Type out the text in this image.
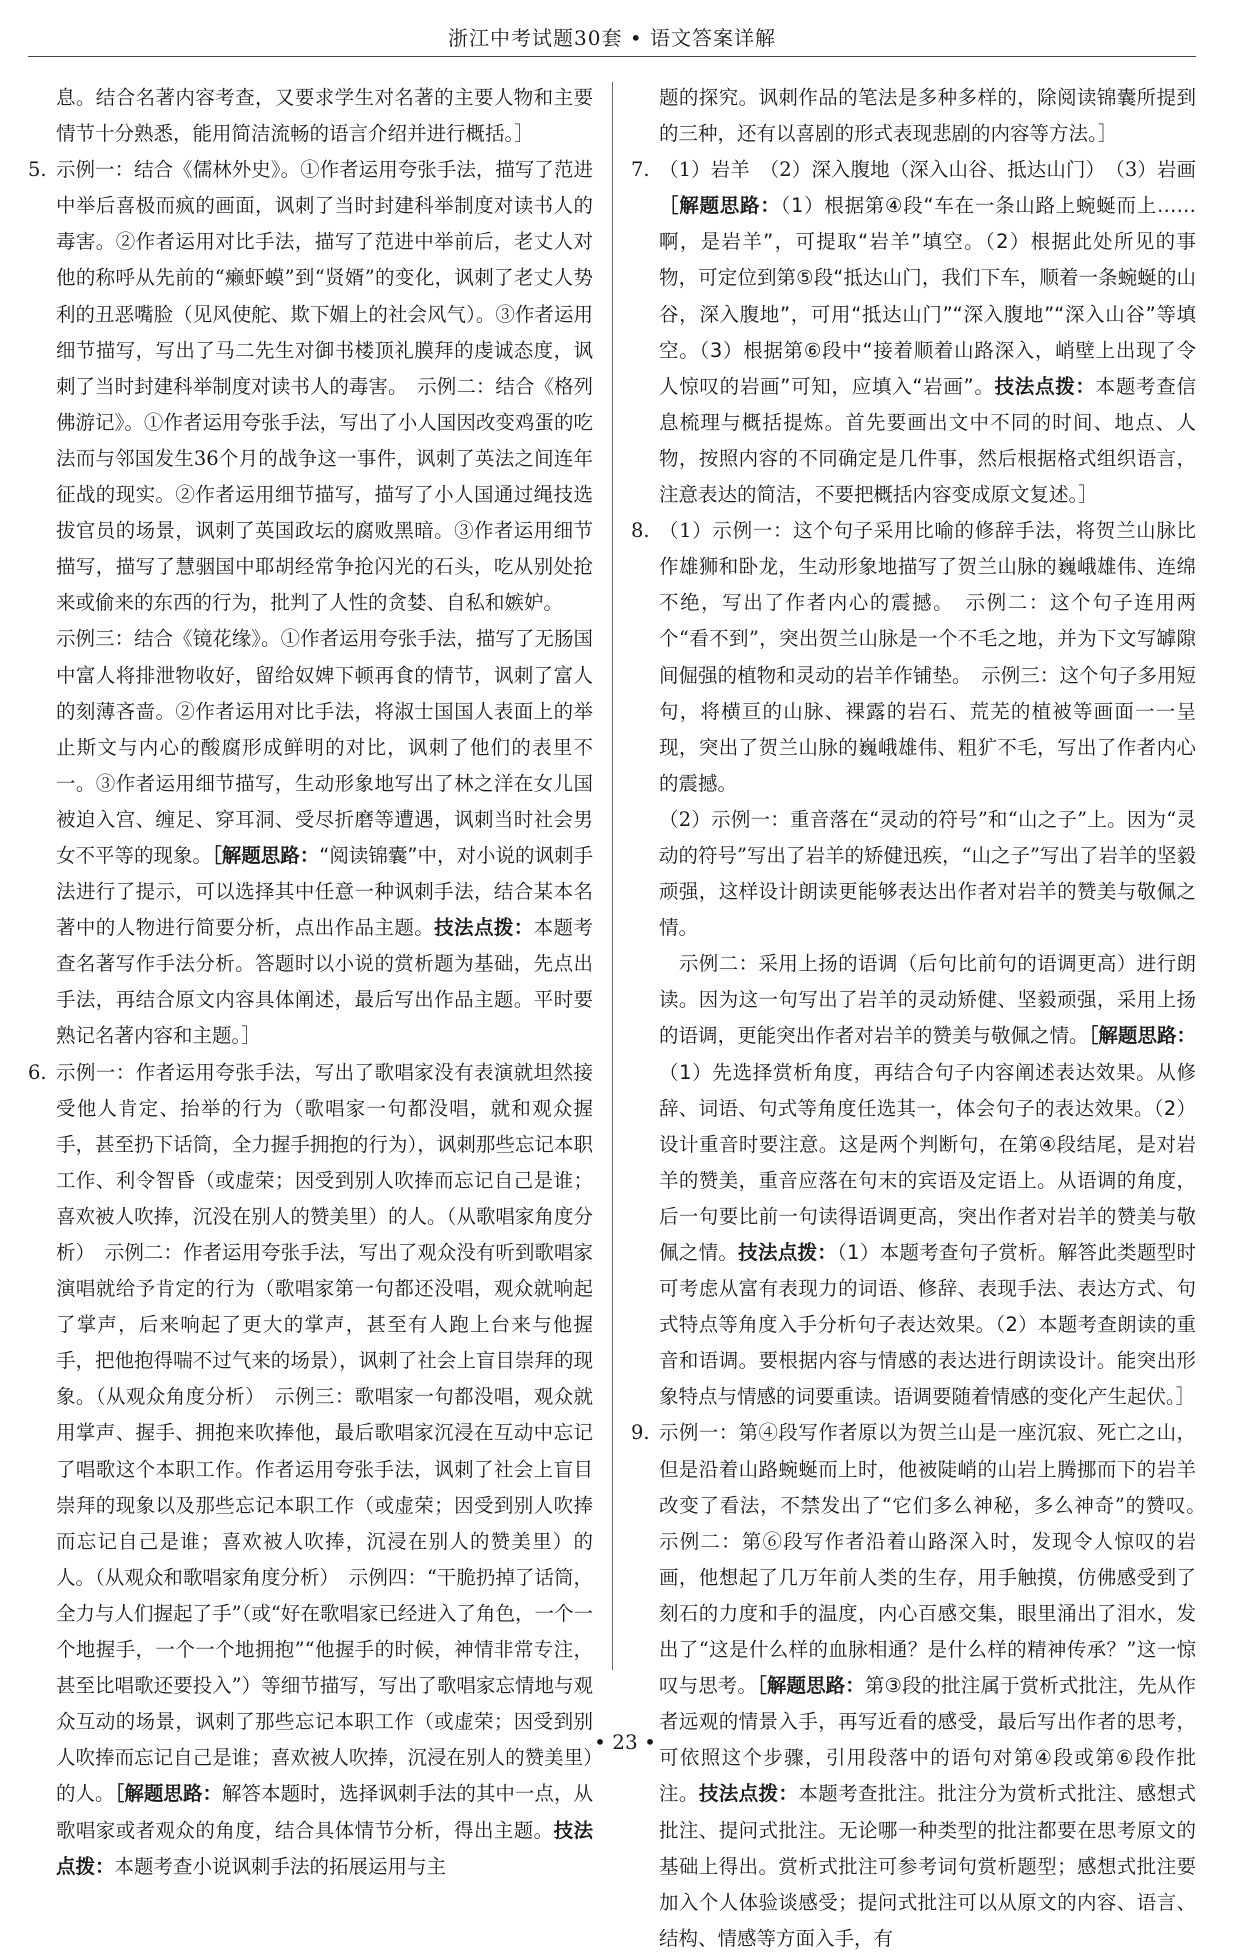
浙江中考试题30套 • 语文答案详解

息。结合名著内容考查，又要求学生对名著的主要人物和主要情节十分熟悉，能用简洁流畅的语言介绍并进行概括。］

5. 示例一：结合《儒林外史》。①作者运用夸张手法，描写了范进中举后喜极而疯的画面，讽刺了当时封建科举制度对读书人的毒害。②作者运用对比手法，描写了范进中举前后，老丈人对他的称呼从先前的“癞虾蟆”到“贤婿”的变化，讽刺了老丈人势利的丑恶嘴脸（见风使舵、欺下媚上的社会风气）。③作者运用细节描写，写出了马二先生对御书楼顶礼膜拜的虔诚态度，讽刺了当时封建科举制度对读书人的毒害。　示例二：结合《格列佛游记》。①作者运用夸张手法，写出了小人国因改变鸡蛋的吃法而与邻国发生36个月的战争这一事件，讽刺了英法之间连年征战的现实。②作者运用细节描写，描写了小人国通过绳技选拔官员的场景，讽刺了英国政坛的腐败黑暗。③作者运用细节描写，描写了慧骃国中耶胡经常争抢闪光的石头，吃从别处抢来或偷来的东西的行为，批判了人性的贪婪、自私和嫉妒。

示例三：结合《镜花缘》。①作者运用夸张手法，描写了无肠国中富人将排泄物收好，留给奴婢下顿再食的情节，讽刺了富人的刻薄吝啬。②作者运用对比手法，将淑士国国人表面上的举止斯文与内心的酸腐形成鲜明的对比，讽刺了他们的表里不一。③作者运用细节描写，生动形象地写出了林之洋在女儿国被迫入宫、缠足、穿耳洞、受尽折磨等遭遇，讽刺当时社会男女不平等的现象。［解题思路：“阅读锦囊”中，对小说的讽刺手法进行了提示，可以选择其中任意一种讽刺手法，结合某本名著中的人物进行简要分析，点出作品主题。技法点拨：本题考查名著写作手法分析。答题时以小说的赏析题为基础，先点出手法，再结合原文内容具体阐述，最后写出作品主题。平时要熟记名著内容和主题。］

6. 示例一：作者运用夸张手法，写出了歌唱家没有表演就坦然接受他人肯定、抬举的行为（歌唱家一句都没唱，就和观众握手，甚至扔下话筒，全力握手拥抱的行为），讽刺那些忘记本职工作、利令智昏（或虚荣；因受到别人吹捧而忘记自己是谁；喜欢被人吹捧，沉没在别人的赞美里）的人。（从歌唱家角度分析）　示例二：作者运用夸张手法，写出了观众没有听到歌唱家演唱就给予肯定的行为（歌唱家第一句都还没唱，观众就响起了掌声，后来响起了更大的掌声，甚至有人跑上台来与他握手，把他抱得喘不过气来的场景），讽刺了社会上盲目崇拜的现象。（从观众角度分析）　示例三：歌唱家一句都没唱，观众就用掌声、握手、拥抱来吹捧他，最后歌唱家沉浸在互动中忘记了唱歌这个本职工作。作者运用夸张手法，讽刺了社会上盲目崇拜的现象以及那些忘记本职工作（或虚荣；因受到别人吹捧而忘记自己是谁；喜欢被人吹捧，沉浸在别人的赞美里）的人。（从观众和歌唱家角度分析）　示例四：“干脆扔掉了话筒，全力与人们握起了手”（或“好在歌唱家已经进入了角色，一个一个地握手，一个一个地拥抱”“他握手的时候，神情非常专注，甚至比唱歌还要投入”）等细节描写，写出了歌唱家忘情地与观众互动的场景，讽刺了那些忘记本职工作（或虚荣；因受到别人吹捧而忘记自己是谁；喜欢被人吹捧，沉浸在别人的赞美里）的人。［解题思路：解答本题时，选择讽刺手法的其中一点，从歌唱家或者观众的角度，结合具体情节分析，得出主题。技法点拨：本题考查小说讽刺手法的拓展运用与主

题的探究。讽刺作品的笔法是多种多样的，除阅读锦囊所提到的三种，还有以喜剧的形式表现悲剧的内容等方法。］

7. （1）岩羊　（2）深入腹地（深入山谷、抵达山门）　（3）岩画［解题思路：（1）根据第④段“车在一条山路上蜿蜒而上……啊，是岩羊”，可提取“岩羊”填空。（2）根据此处所见的事物，可定位到第⑤段“抵达山门，我们下车，顺着一条蜿蜒的山谷，深入腹地”，可用“抵达山门”“深入腹地”“深入山谷”等填空。（3）根据第⑥段中“接着顺着山路深入，峭壁上出现了令人惊叹的岩画”可知，应填入“岩画”。技法点拨：本题考查信息梳理与概括提炼。首先要画出文中不同的时间、地点、人物，按照内容的不同确定是几件事，然后根据格式组织语言，注意表达的简洁，不要把概括内容变成原文复述。］

8. （1）示例一：这个句子采用比喻的修辞手法，将贺兰山脉比作雄狮和卧龙，生动形象地描写了贺兰山脉的巍峨雄伟、连绵不绝，写出了作者内心的震撼。　示例二：这个句子连用两个“看不到”，突出贺兰山脉是一个不毛之地，并为下文写罅隙间倔强的植物和灵动的岩羊作铺垫。　示例三：这个句子多用短句，将横亘的山脉、裸露的岩石、荒芜的植被等画面一一呈现，突出了贺兰山脉的巍峨雄伟、粗犷不毛，写出了作者内心的震撼。

（2）示例一：重音落在“灵动的符号”和“山之子”上。因为“灵动的符号”写出了岩羊的矫健迅疾，“山之子”写出了岩羊的坚毅顽强，这样设计朗读更能够表达出作者对岩羊的赞美与敬佩之情。

　示例二：采用上扬的语调（后句比前句的语调更高）进行朗读。因为这一句写出了岩羊的灵动矫健、坚毅顽强，采用上扬的语调，更能突出作者对岩羊的赞美与敬佩之情。［解题思路：（1）先选择赏析角度，再结合句子内容阐述表达效果。从修辞、词语、句式等角度任选其一，体会句子的表达效果。（2）设计重音时要注意。这是两个判断句，在第④段结尾，是对岩羊的赞美，重音应落在句末的宾语及定语上。从语调的角度，后一句要比前一句读得语调更高，突出作者对岩羊的赞美与敬佩之情。技法点拨：（1）本题考查句子赏析。解答此类题型时可考虑从富有表现力的词语、修辞、表现手法、表达方式、句式特点等角度入手分析句子表达效果。（2）本题考查朗读的重音和语调。要根据内容与情感的表达进行朗读设计。能突出形象特点与情感的词要重读。语调要随着情感的变化产生起伏。］

9. 示例一：第④段写作者原以为贺兰山是一座沉寂、死亡之山，但是沿着山路蜿蜒而上时，他被陡峭的山岩上腾挪而下的岩羊改变了看法，不禁发出了“它们多么神秘，多么神奇”的赞叹。　示例二：第⑥段写作者沿着山路深入时，发现令人惊叹的岩画，他想起了几万年前人类的生存，用手触摸，仿佛感受到了刻石的力度和手的温度，内心百感交集，眼里涌出了泪水，发出了“这是什么样的血脉相通？是什么样的精神传承？”这一惊叹与思考。［解题思路：第③段的批注属于赏析式批注，先从作者远观的情景入手，再写近看的感受，最后写出作者的思考，可依照这个步骤，引用段落中的语句对第④段或第⑥段作批注。技法点拨：本题考查批注。批注分为赏析式批注、感想式批注、提问式批注。无论哪一种类型的批注都要在思考原文的基础上得出。赏析式批注可参考词句赏析题型；感想式批注要加入个人体验谈感受；提问式批注可以从原文的内容、语言、结构、情感等方面入手，有

• 23 •
